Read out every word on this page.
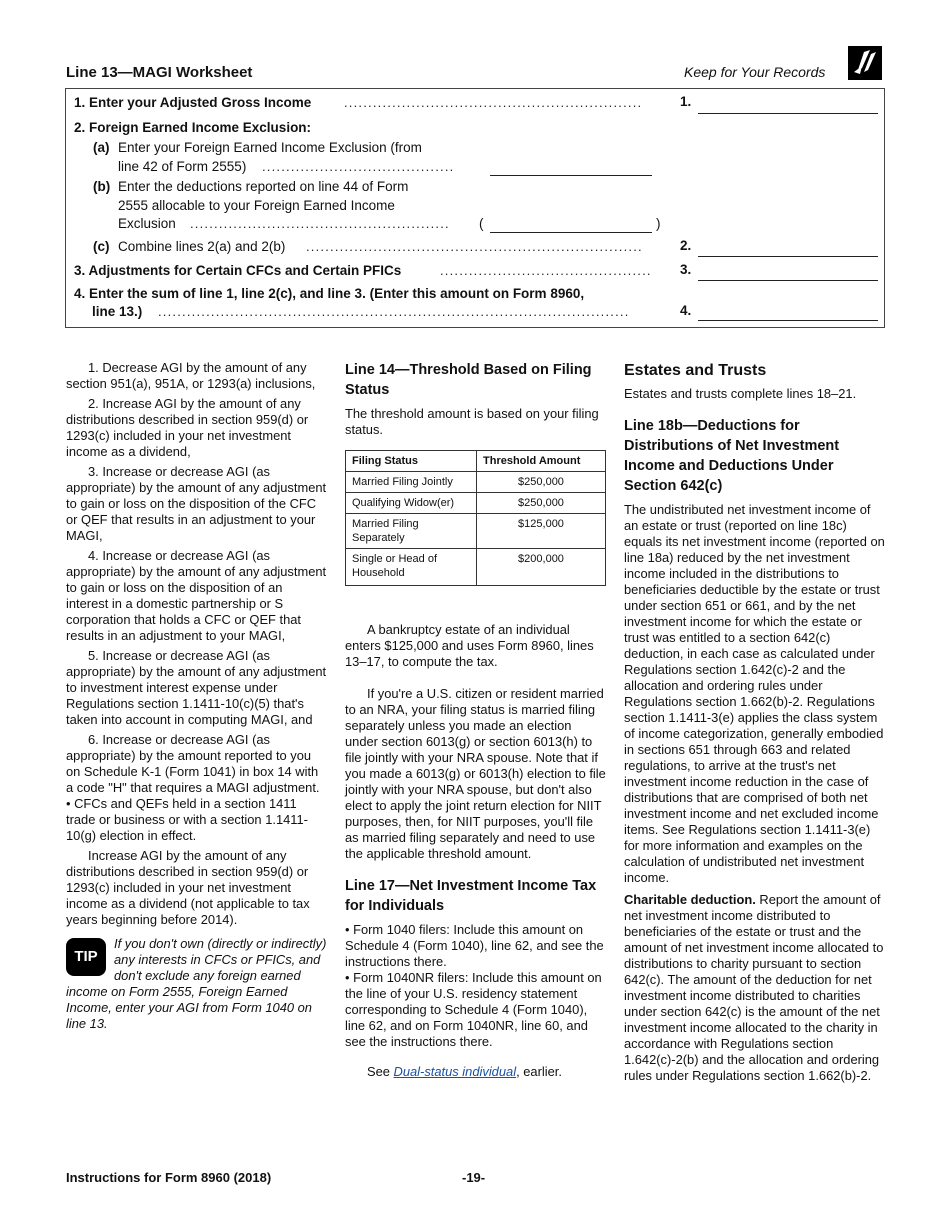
Line 13—MAGI Worksheet	Keep for Your Records
1. Enter your Adjusted Gross Income	..............................................................	1.
2. Foreign Earned Income Exclusion:
(a) Enter your Foreign Earned Income Exclusion (from
line 42 of Form 2555) ........................................
(b) Enter the deductions reported on line 44 of Form
2555 allocable to your Foreign Earned Income
Exclusion ......................................................	(	)
(c) Combine lines 2(a) and 2(b) ......................................................................	2.
3. Adjustments for Certain CFCs and Certain PFICs	............................................	3.
4. Enter the sum of line 1, line 2(c), and line 3. (Enter this amount on Form 8960,
line 13.) ..................................................................................................	4.

1. Decrease AGI by the amount of any section 951(a), 951A, or 1293(a) inclusions,

2. Increase AGI by the amount of any distributions described in section 959(d) or 1293(c) included in your net investment income as a dividend,

3. Increase or decrease AGI (as appropriate) by the amount of any adjustment to gain or loss on the disposition of the CFC or QEF that results in an adjustment to your MAGI,

4. Increase or decrease AGI (as appropriate) by the amount of any adjustment to gain or loss on the disposition of an interest in a domestic partnership or S corporation that holds a CFC or QEF that results in an adjustment to your MAGI,

5. Increase or decrease AGI (as appropriate) by the amount of any adjustment to investment interest expense under Regulations section 1.1411-10(c)(5) that's taken into account in computing MAGI, and

6. Increase or decrease AGI (as appropriate) by the amount reported to you on Schedule K-1 (Form 1041) in box 14 with a code "H" that requires a MAGI adjustment.

• CFCs and QEFs held in a section 1411 trade or business or with a section 1.1411-10(g) election in effect.

Increase AGI by the amount of any distributions described in section 959(d) or 1293(c) included in your net investment income as a dividend (not applicable to tax years beginning before 2014).

TIP

If you don't own (directly or indirectly) any interests in CFCs or PFICs, and don't exclude any foreign earned income on Form 2555, Foreign Earned Income, enter your AGI from Form 1040 on line 13.

Line 14—Threshold Based on Filing Status

The threshold amount is based on your filing status.

Filing Status	Threshold Amount
Married Filing Jointly	$250,000
Qualifying Widow(er)	$250,000
Married Filing Separately	$125,000
Single or Head of Household	$200,000

A bankruptcy estate of an individual enters $125,000 and uses Form 8960, lines 13–17, to compute the tax.

If you're a U.S. citizen or resident married to an NRA, your filing status is married filing separately unless you made an election under section 6013(g) or section 6013(h) to file jointly with your NRA spouse. Note that if you made a 6013(g) or 6013(h) election to file jointly with your NRA spouse, but don't also elect to apply the joint return election for NIIT purposes, then, for NIIT purposes, you'll file as married filing separately and need to use the applicable threshold amount.

Line 17—Net Investment Income Tax for Individuals

• Form 1040 filers: Include this amount on Schedule 4 (Form 1040), line 62, and see the instructions there.

• Form 1040NR filers: Include this amount on the line of your U.S. residency statement corresponding to Schedule 4 (Form 1040), line 62, and on Form 1040NR, line 60, and see the instructions there.

See Dual-status individual, earlier.

Estates and Trusts

Estates and trusts complete lines 18–21.

Line 18b—Deductions for Distributions of Net Investment Income and Deductions Under Section 642(c)

The undistributed net investment income of an estate or trust (reported on line 18c) equals its net investment income (reported on line 18a) reduced by the net investment income included in the distributions to beneficiaries deductible by the estate or trust under section 651 or 661, and by the net investment income for which the estate or trust was entitled to a section 642(c) deduction, in each case as calculated under Regulations section 1.642(c)-2 and the allocation and ordering rules under Regulations section 1.662(b)-2. Regulations section 1.1411-3(e) applies the class system of income categorization, generally embodied in sections 651 through 663 and related regulations, to arrive at the trust's net investment income reduction in the case of distributions that are comprised of both net investment income and net excluded income items. See Regulations section 1.1411-3(e) for more information and examples on the calculation of undistributed net investment income.

Charitable deduction. Report the amount of net investment income distributed to beneficiaries of the estate or trust and the amount of net investment income allocated to distributions to charity pursuant to section 642(c). The amount of the deduction for net investment income distributed to charities under section 642(c) is the amount of the net investment income allocated to the charity in accordance with Regulations section 1.642(c)-2(b) and the allocation and ordering rules under Regulations section 1.662(b)-2.

Instructions for Form 8960 (2018)	-19-
